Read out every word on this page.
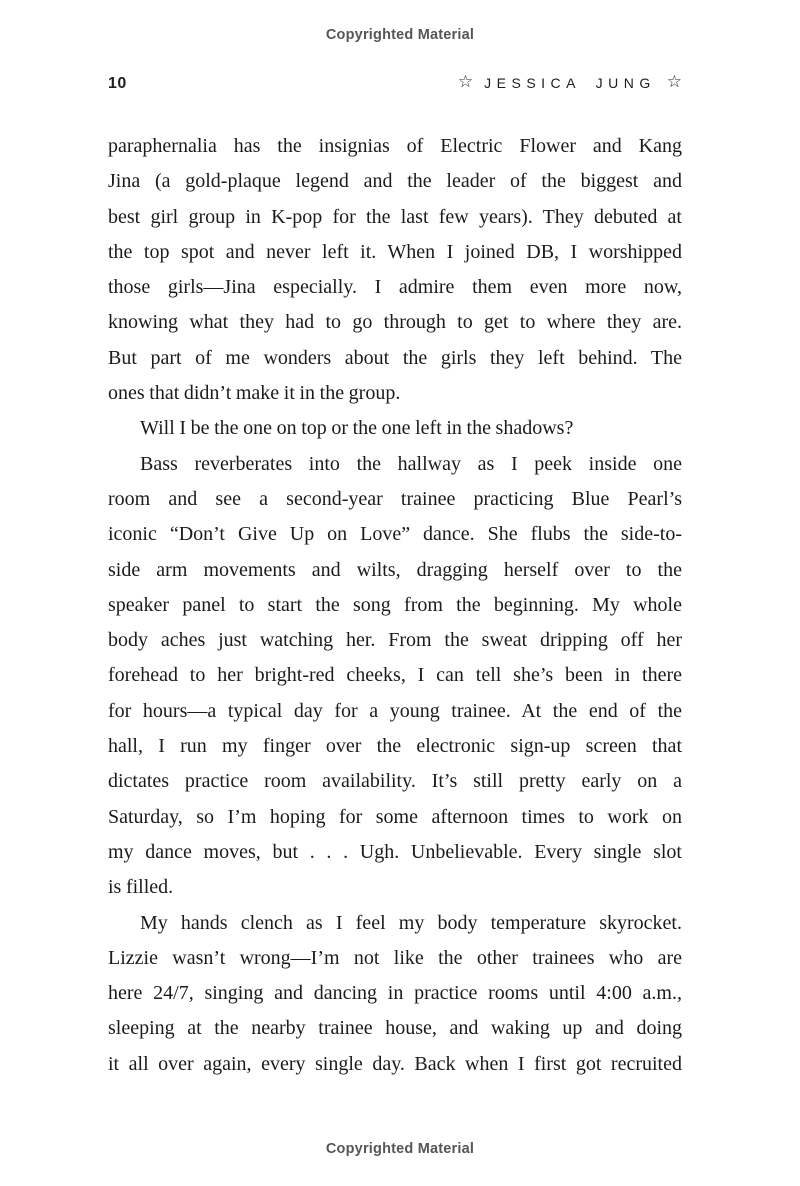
Copyrighted Material
10	☆ JESSICA JUNG ☆
paraphernalia has the insignias of Electric Flower and Kang
Jina (a gold-plaque legend and the leader of the biggest and
best girl group in K-pop for the last few years). They debuted at
the top spot and never left it. When I joined DB, I worshipped
those girls—Jina especially. I admire them even more now,
knowing what they had to go through to get to where they are.
But part of me wonders about the girls they left behind. The
ones that didn’t make it in the group.
Will I be the one on top or the one left in the shadows?
Bass reverberates into the hallway as I peek inside one
room and see a second-year trainee practicing Blue Pearl’s
iconic “Don’t Give Up on Love” dance. She flubs the side-to-
side arm movements and wilts, dragging herself over to the
speaker panel to start the song from the beginning. My whole
body aches just watching her. From the sweat dripping off her
forehead to her bright-red cheeks, I can tell she’s been in there
for hours—a typical day for a young trainee. At the end of the
hall, I run my finger over the electronic sign-up screen that
dictates practice room availability. It’s still pretty early on a
Saturday, so I’m hoping for some afternoon times to work on
my dance moves, but . . . Ugh. Unbelievable. Every single slot
is filled.
My hands clench as I feel my body temperature skyrocket.
Lizzie wasn’t wrong—I’m not like the other trainees who are
here 24/7, singing and dancing in practice rooms until 4:00 a.m.,
sleeping at the nearby trainee house, and waking up and doing
it all over again, every single day. Back when I first got recruited
Copyrighted Material
